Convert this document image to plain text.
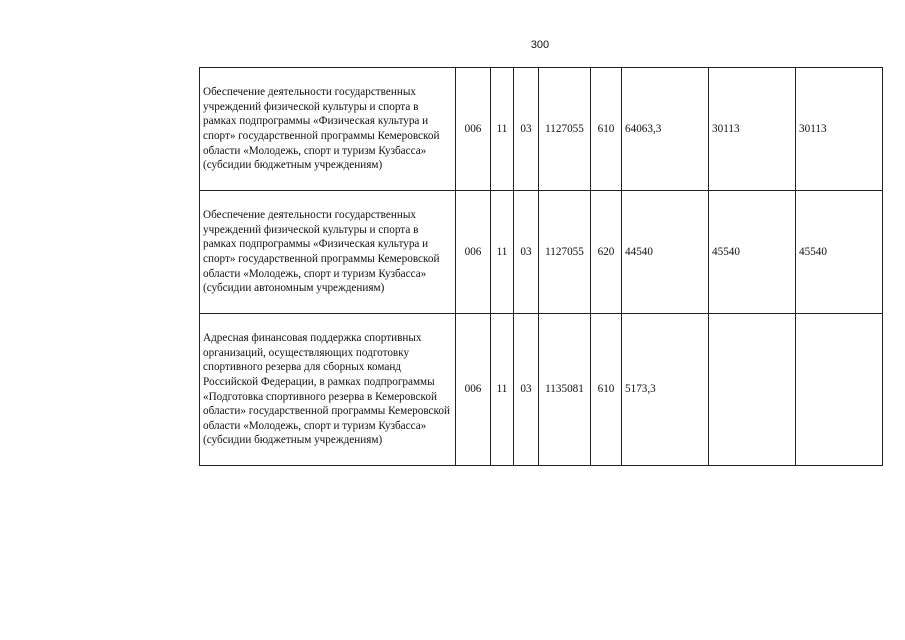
300
Обеспечение деятельности государственных учреждений физической культуры и спорта в рамках подпрограммы «Физическая культура и спорт» государственной программы Кемеровской области «Молодежь, спорт и туризм Кузбасса» (субсидии бюджетным учреждениям)	006	11	03	1127055	610	64063,3	30113	30113
Обеспечение деятельности государственных учреждений физической культуры и спорта в рамках подпрограммы «Физическая культура и спорт» государственной программы Кемеровской области «Молодежь, спорт и туризм Кузбасса» (субсидии автономным учреждениям)	006	11	03	1127055	620	44540	45540	45540
Адресная финансовая поддержка спортивных организаций, осуществляющих подготовку спортивного резерва для сборных команд Российской Федерации, в рамках подпрограммы «Подготовка спортивного резерва в Кемеровской области» государственной программы Кемеровской области «Молодежь, спорт и туризм Кузбасса» (субсидии бюджетным учреждениям)	006	11	03	1135081	610	5173,3		
